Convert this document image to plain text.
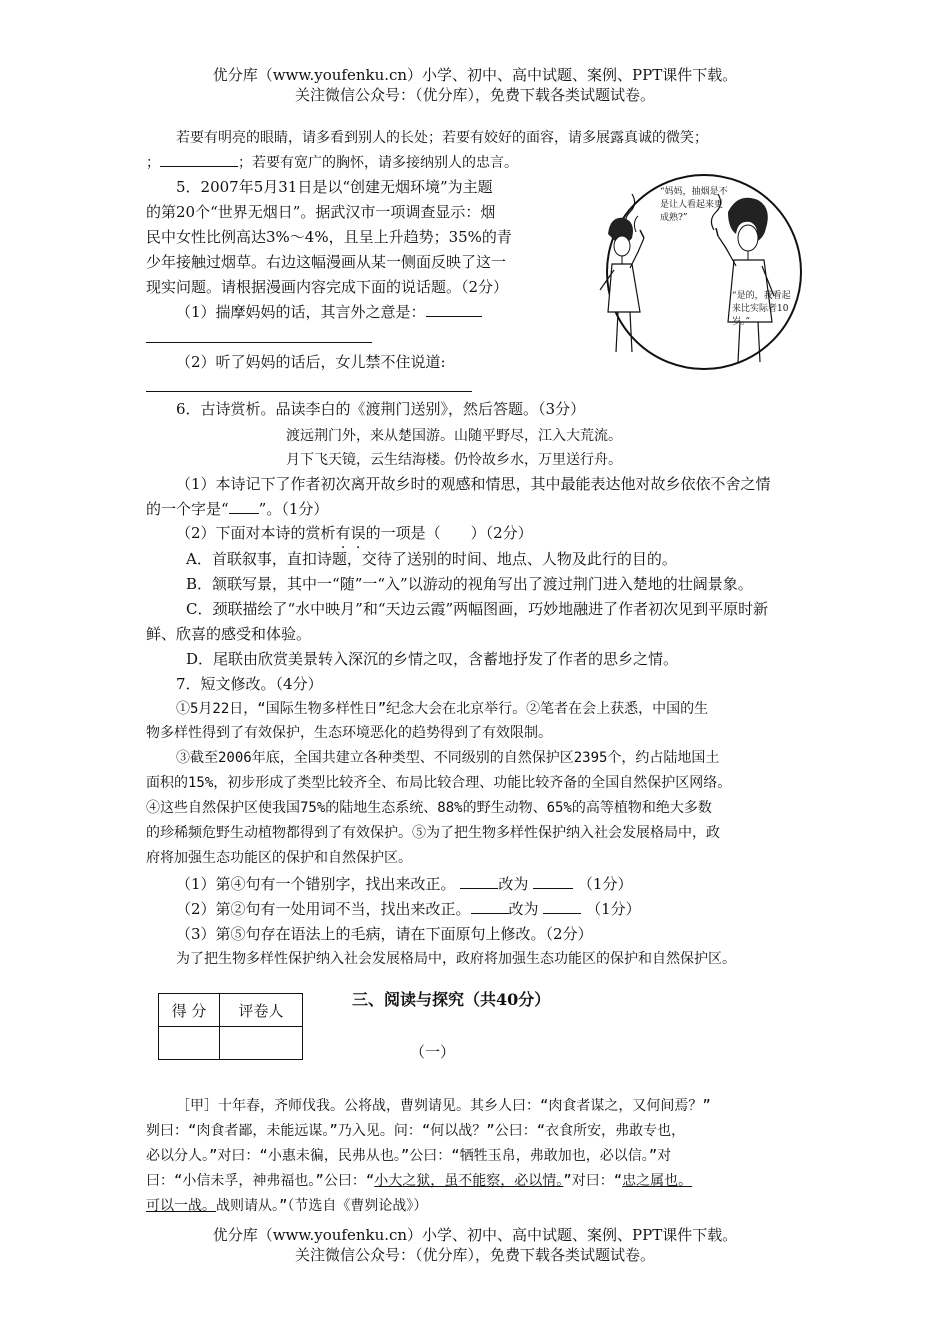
优分库（www.youfenku.cn）小学、初中、高中试题、案例、PPT课件下载。
关注微信公众号：（优分库），免费下载各类试题试卷。
若要有明亮的眼睛，请多看到别人的长处；若要有姣好的面容，请多展露真诚的微笑；
；	；若要有宽广的胸怀，请多接纳别人的忠言。
5．2007年5月31日是以“创建无烟环境”为主题
的第20个“世界无烟日”。据武汉市一项调查显示：烟
民中女性比例高达3%～4%，且呈上升趋势；35%的青
少年接触过烟草。右边这幅漫画从某一侧面反映了这一
现实问题。请根据漫画内容完成下面的说话题。（2分）
（1）揣摩妈妈的话，其言外之意是：
（2）听了妈妈的话后，女儿禁不住说道:
“妈妈，抽烟是不是让人看起来更成熟?”
“是的，我看起来比实际者10岁。”
6．古诗赏析。品读李白的《渡荆门送别》，然后答题。（3分）
渡远荆门外，来从楚国游。山随平野尽，江入大荒流。
月下飞天镜，云生结海楼。仍怜故乡水，万里送行舟。
（1）本诗记下了作者初次离开故乡时的观感和情思，其中最能表达他对故乡依依不舍之情
的一个字是“ ”。（1分）
（2）下面对本诗的赏析有误的一项是（　　）（2分）
A．首联叙事，直扣诗题，交待了送别的时间、地点、人物及此行的目的。
B．颔联写景，其中一“随”一“入”以游动的视角写出了渡过荆门进入楚地的壮阔景象。
C．颈联描绘了“水中映月”和“天边云霞”两幅图画，巧妙地融进了作者初次见到平原时新
鲜、欣喜的感受和体验。
D．尾联由欣赏美景转入深沉的乡情之叹，含蓄地抒发了作者的思乡之情。
7．短文修改。（4分）
①5月22日，“国际生物多样性日”纪念大会在北京举行。②笔者在会上获悉，中国的生
物多样性得到了有效保护，生态环境恶化的趋势得到了有效限制。
③截至2006年底，全国共建立各种类型、不同级别的自然保护区2395个，约占陆地国土
面积的15%，初步形成了类型比较齐全、布局比较合理、功能比较齐备的全国自然保护区网络。
④这些自然保护区使我国75%的陆地生态系统、88%的野生动物、65%的高等植物和绝大多数
的珍稀频危野生动植物都得到了有效保护。⑤为了把生物多样性保护纳入社会发展格局中，政
府将加强生态功能区的保护和自然保护区。
（1）第④句有一个错别字，找出来改正。	改为	（1分）
（2）第②句有一处用词不当，找出来改正。	改为	（1分）
（3）第⑤句存在语法上的毛病，请在下面原句上修改。（2分）
为了把生物多样性保护纳入社会发展格局中，政府将加强生态功能区的保护和自然保护区。
得 分	评卷人

三、阅读与探究（共40分）
（一）
［甲］十年春，齐师伐我。公将战，曹刿请见。其乡人曰：“肉食者谋之，又何间焉？”
刿曰：“肉食者鄙，未能远谋。”乃入见。问：“何以战？”公曰：“衣食所安，弗敢专也，
必以分人。”对曰：“小惠未徧，民弗从也。”公曰：“牺牲玉帛，弗敢加也，必以信。”对
曰：“小信未孚，神弗福也。”公曰：“小大之狱，虽不能察，必以情。”对曰：“忠之属也。
可以一战。战则请从。”（节选自《曹刿论战》）
优分库（www.youfenku.cn）小学、初中、高中试题、案例、PPT课件下载。
关注微信公众号：（优分库），免费下载各类试题试卷。
